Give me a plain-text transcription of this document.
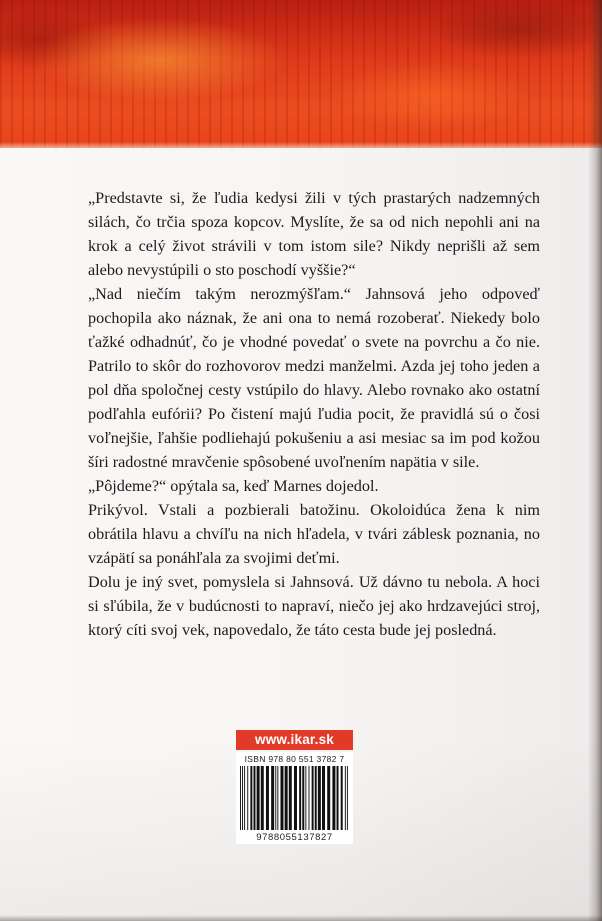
„Predstavte si, že ľudia kedysi žili v tých prastarých nadzemných silách, čo trčia spoza kopcov. Myslíte, že sa od nich nepohli ani na krok a celý život strávili v tom istom sile? Nikdy neprišli až sem alebo nevystúpili o sto poschodí vyššie?“

„Nad niečím takým nerozmýšľam.“ Jahnsová jeho odpoveď pochopila ako náznak, že ani ona to nemá rozoberať. Niekedy bolo ťažké odhadnúť, čo je vhodné povedať o svete na povrchu a čo nie. Patrilo to skôr do rozhovorov medzi manželmi. Azda jej toho jeden a pol dňa spoločnej cesty vstúpilo do hlavy. Alebo rovnako ako ostatní podľahla eufórii? Po čistení majú ľudia pocit, že pravidlá sú o čosi voľnejšie, ľahšie podliehajú pokušeniu a asi mesiac sa im pod kožou šíri radostné mravčenie spôsobené uvoľnením napätia v sile.

„Pôjdeme?“ opýtala sa, keď Marnes dojedol.

Prikývol. Vstali a pozbierali batožinu. Okoloidúca žena k nim obrátila hlavu a chvíľu na nich hľadela, v tvári záblesk poznania, no vzápätí sa ponáhľala za svojimi deťmi.

Dolu je iný svet, pomyslela si Jahnsová. Už dávno tu nebola. A hoci si sľúbila, že v budúcnosti to napraví, niečo jej ako hrdzavejúci stroj, ktorý cíti svoj vek, napovedalo, že táto cesta bude jej posledná.

www.ikar.sk
ISBN 978 80 551 3782 7
9788055137827
